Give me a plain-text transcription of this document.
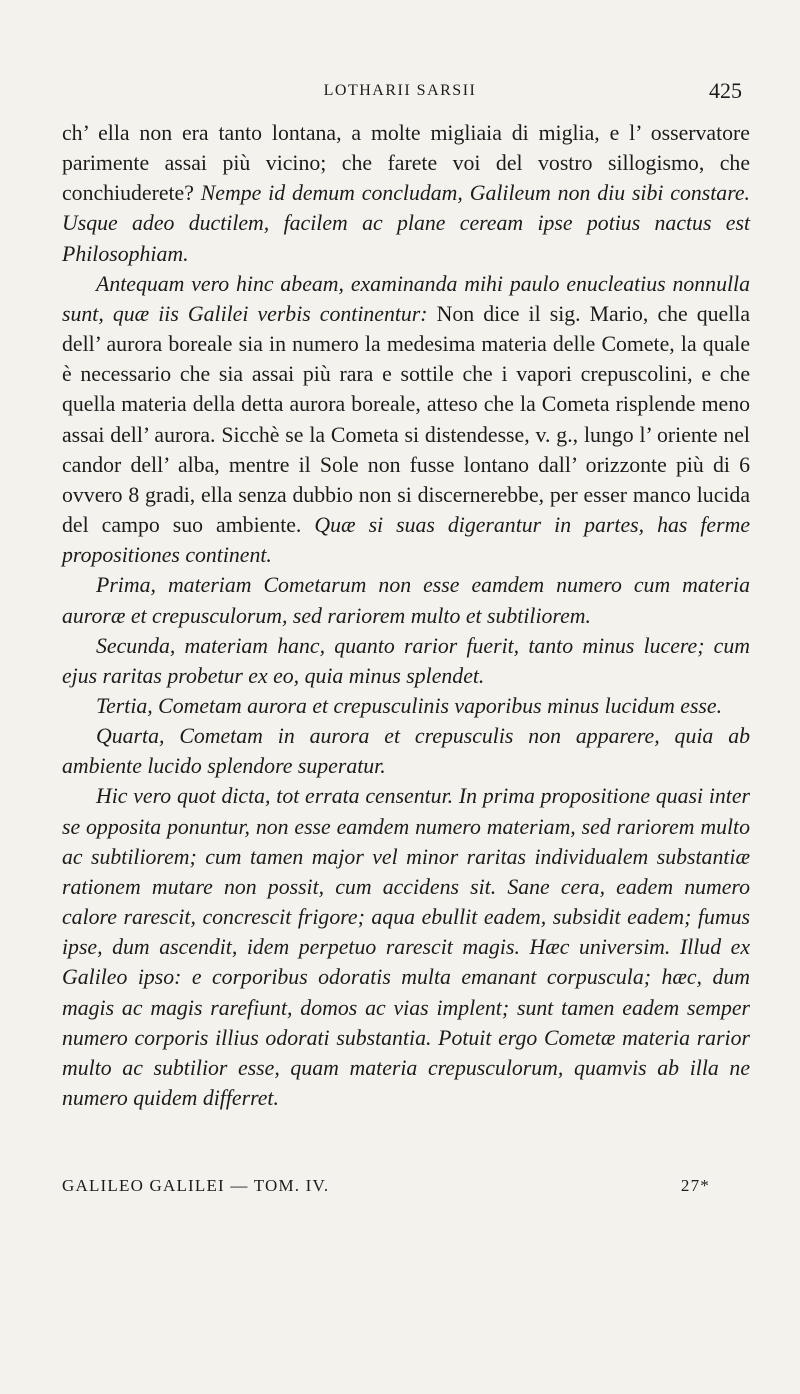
LOTHARII SARSII	425

ch’ ella non era tanto lontana, a molte migliaia di miglia, e l’ osservatore parimente assai più vicino; che farete voi del vostro sillogismo, che conchiuderete? Nempe id demum concludam, Galileum non diu sibi constare. Usque adeo ductilem, facilem ac plane ceream ipse potius nactus est Philosophiam.

Antequam vero hinc abeam, examinanda mihi paulo enucleatius nonnulla sunt, quæ iis Galilei verbis continentur: Non dice il sig. Mario, che quella dell’ aurora boreale sia in numero la medesima materia delle Comete, la quale è necessario che sia assai più rara e sottile che i vapori crepuscolini, e che quella materia della detta aurora boreale, atteso che la Cometa risplende meno assai dell’ aurora. Sicchè se la Cometa si distendesse, v. g., lungo l’ oriente nel candor dell’ alba, mentre il Sole non fusse lontano dall’ orizzonte più di 6 ovvero 8 gradi, ella senza dubbio non si discernerebbe, per esser manco lucida del campo suo ambiente. Quæ si suas digerantur in partes, has ferme propositiones continent.

Prima, materiam Cometarum non esse eamdem numero cum materia auroræ et crepusculorum, sed rariorem multo et subtiliorem.

Secunda, materiam hanc, quanto rarior fuerit, tanto minus lucere; cum ejus raritas probetur ex eo, quia minus splendet.

Tertia, Cometam aurora et crepusculinis vaporibus minus lucidum esse.

Quarta, Cometam in aurora et crepusculis non apparere, quia ab ambiente lucido splendore superatur.

Hic vero quot dicta, tot errata censentur. In prima propositione quasi inter se opposita ponuntur, non esse eamdem numero materiam, sed rariorem multo ac subtiliorem; cum tamen major vel minor raritas individualem substantiæ rationem mutare non possit, cum accidens sit. Sane cera, eadem numero calore rarescit, concrescit frigore; aqua ebullit eadem, subsidit eadem; fumus ipse, dum ascendit, idem perpetuo rarescit magis. Hæc universim. Illud ex Galileo ipso: e corporibus odoratis multa emanant corpuscula; hæc, dum magis ac magis rarefiunt, domos ac vias implent; sunt tamen eadem semper numero corporis illius odorati substantia. Potuit ergo Cometæ materia rarior multo ac subtilior esse, quam materia crepusculorum, quamvis ab illa ne numero quidem differret.

GALILEO GALILEI — TOM. IV.	27*
